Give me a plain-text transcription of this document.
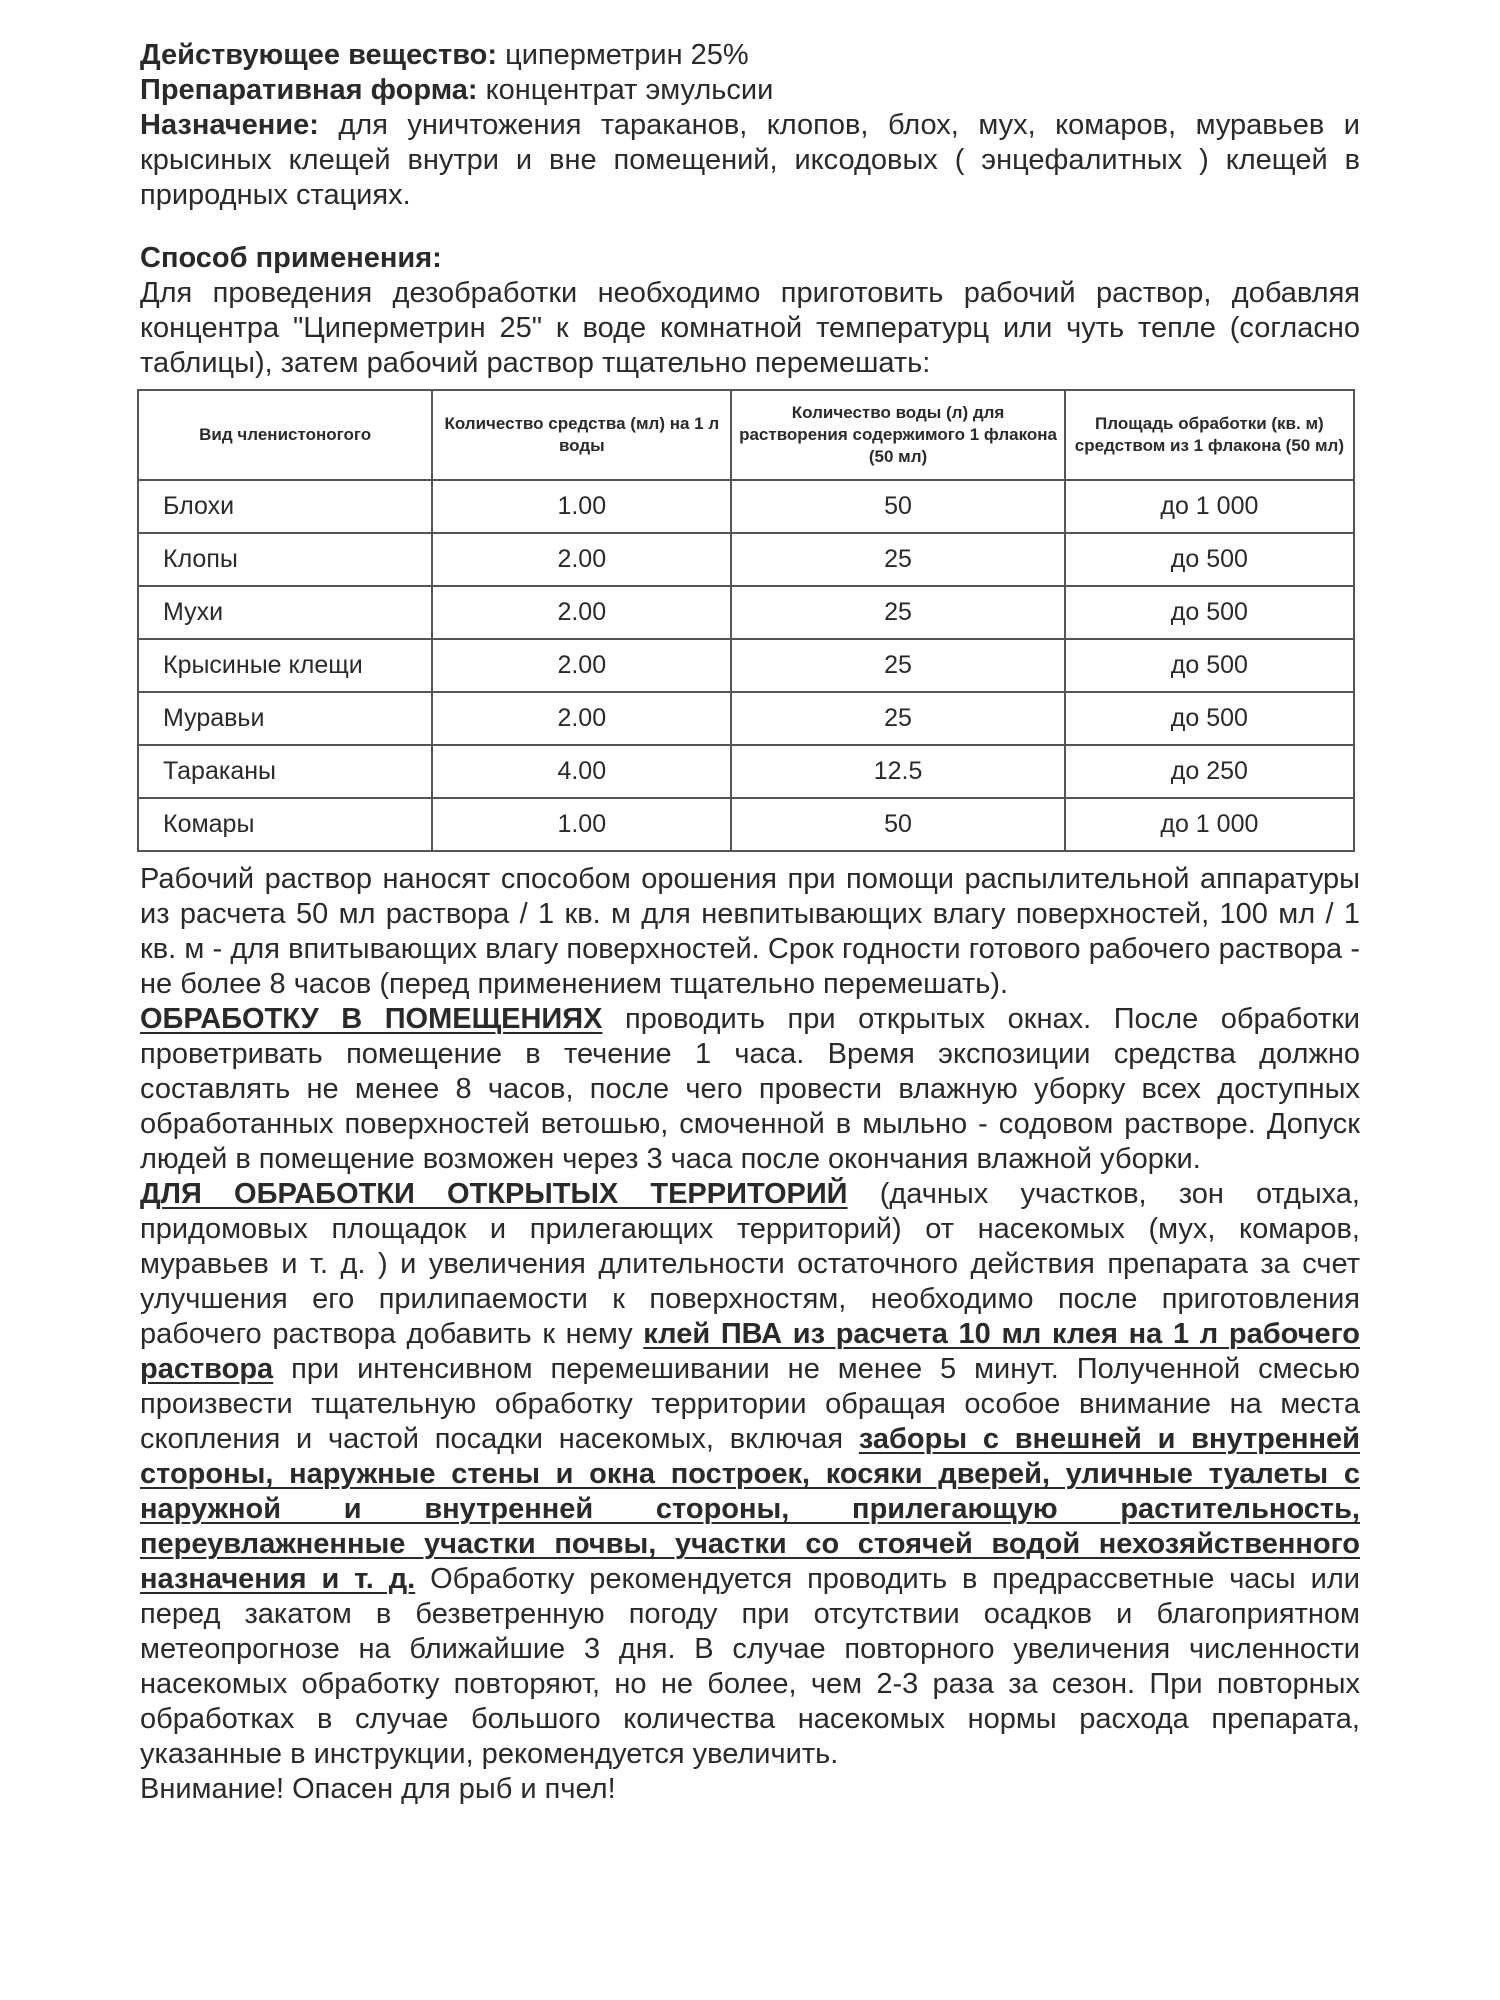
Действующее вещество: циперметрин 25%

Препаративная форма: концентрат эмульсии

Назначение: для уничтожения тараканов, клопов, блох, мух, комаров, муравьев и крысиных клещей внутри и вне помещений, иксодовых ( энцефалитных ) клещей в природных стациях.

Способ применения:

Для проведения дезобработки необходимо приготовить рабочий раствор, добавляя концентра "Циперметрин 25" к воде комнатной температурц или чуть тепле (согласно таблицы), затем рабочий раствор тщательно перемешать:

Вид членистоногого	Количество средства (мл) на 1 л воды	Количество воды (л) для растворения содержимого 1 флакона (50 мл)	Площадь обработки (кв. м) средством из 1 флакона (50 мл)
Блохи	1.00	50	до 1 000
Клопы	2.00	25	до 500
Мухи	2.00	25	до 500
Крысиные клещи	2.00	25	до 500
Муравьи	2.00	25	до 500
Тараканы	4.00	12.5	до 250
Комары	1.00	50	до 1 000

Рабочий раствор наносят способом орошения при помощи распылительной аппаратуры из расчета 50 мл раствора / 1 кв. м для невпитывающих влагу поверхностей, 100 мл / 1 кв. м - для впитывающих влагу поверхностей. Срок годности готового рабочего раствора - не более 8 часов (перед применением тщательно перемешать).

ОБРАБОТКУ В ПОМЕЩЕНИЯХ проводить при открытых окнах. После обработки проветривать помещение в течение 1 часа. Время экспозиции средства должно составлять не менее 8 часов, после чего провести влажную уборку всех доступных обработанных поверхностей ветошью, смоченной в мыльно - содовом растворе. Допуск людей в помещение возможен через 3 часа после окончания влажной уборки.

ДЛЯ ОБРАБОТКИ ОТКРЫТЫХ ТЕРРИТОРИЙ (дачных участков, зон отдыха, придомовых площадок и прилегающих территорий) от насекомых (мух, комаров, муравьев и т. д. ) и увеличения длительности остаточного действия препарата за счет улучшения его прилипаемости к поверхностям, необходимо после приготовления рабочего раствора добавить к нему клей ПВА из расчета 10 мл клея на 1 л рабочего раствора при интенсивном перемешивании не менее 5 минут. Полученной смесью произвести тщательную обработку территории обращая особое внимание на места скопления и частой посадки насекомых, включая заборы с внешней и внутренней стороны, наружные стены и окна построек, косяки дверей, уличные туалеты с наружной и внутренней стороны, прилегающую растительность, переувлажненные участки почвы, участки со стоячей водой нехозяйственного назначения и т. д. Обработку рекомендуется проводить в предрассветные часы или перед закатом в безветренную погоду при отсутствии осадков и благоприятном метеопрогнозе на ближайшие 3 дня. В случае повторного увеличения численности насекомых обработку повторяют, но не более, чем 2-3 раза за сезон. При повторных обработках в случае большого количества насекомых нормы расхода препарата, указанные в инструкции, рекомендуется увеличить.

Внимание! Опасен для рыб и пчел!
